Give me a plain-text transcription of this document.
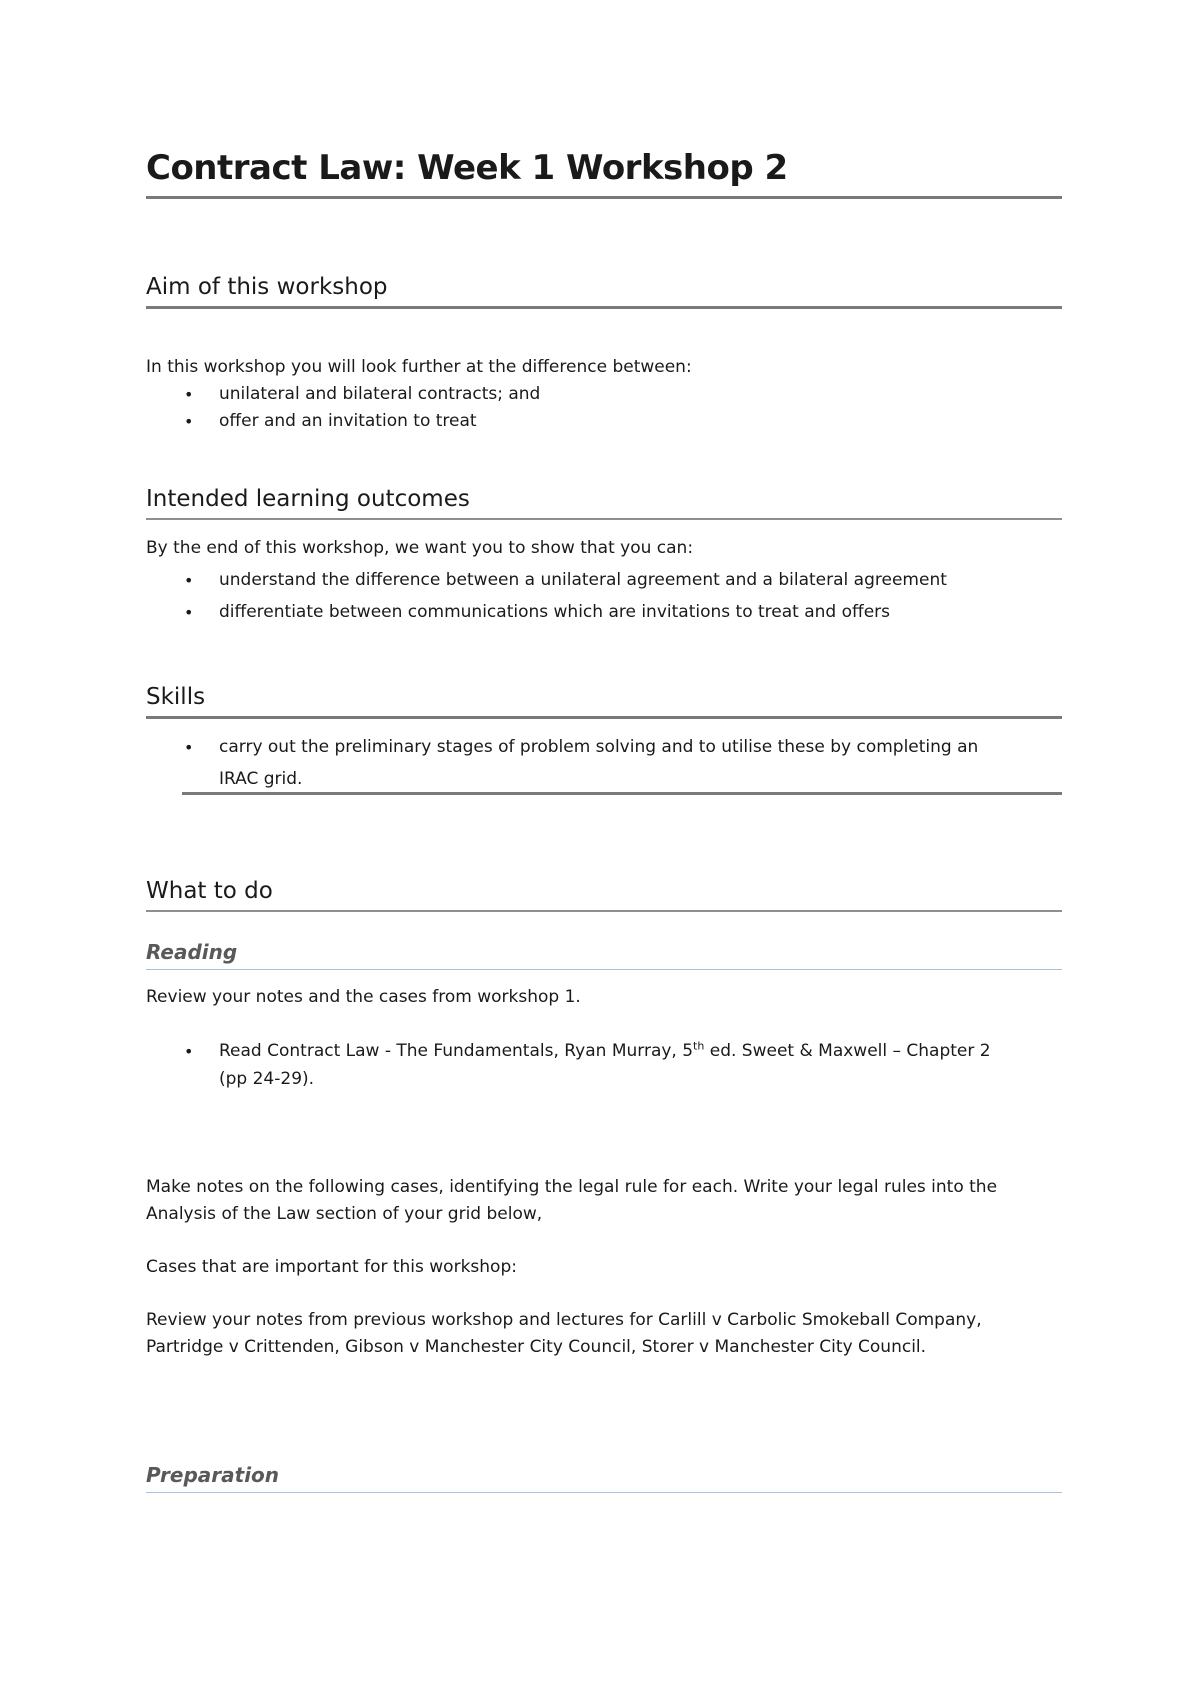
Contract Law: Week 1 Workshop 2
Aim of this workshop

In this workshop you will look further at the difference between:

• unilateral and bilateral contracts; and

• offer and an invitation to treat

Intended learning outcomes

By the end of this workshop, we want you to show that you can:

• understand the difference between a unilateral agreement and a bilateral agreement

• differentiate between communications which are invitations to treat and offers

Skills
• carry out the preliminary stages of problem solving and to utilise these by completing an

IRAC grid.

What to do
Reading

Review your notes and the cases from workshop 1.

• Read Contract Law - The Fundamentals, Ryan Murray, 5th ed. Sweet & Maxwell – Chapter 2

(pp 24-29).

Make notes on the following cases, identifying the legal rule for each. Write your legal rules into the

Analysis of the Law section of your grid below,

Cases that are important for this workshop:

Review your notes from previous workshop and lectures for Carlill v Carbolic Smokeball Company,

Partridge v Crittenden, Gibson v Manchester City Council, Storer v Manchester City Council.

Preparation
